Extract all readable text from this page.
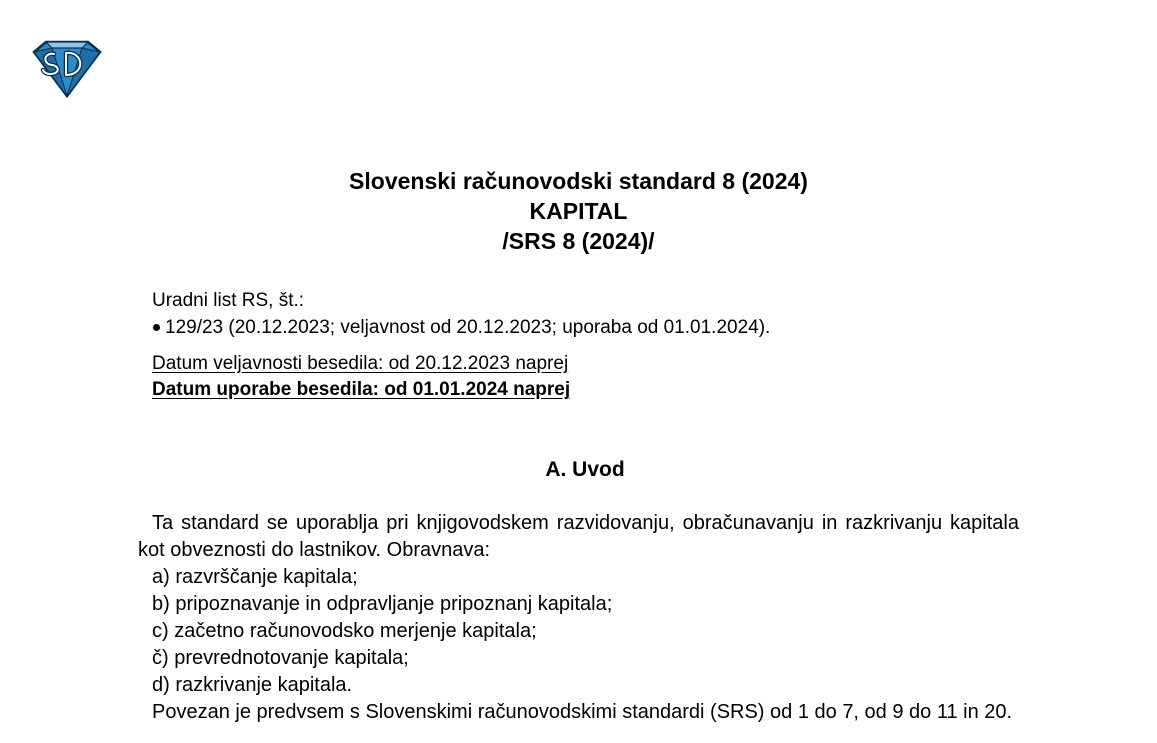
Slovenski računovodski standard 8 (2024)
KAPITAL
/SRS 8 (2024)/
Uradni list RS, št.:
129/23 (20.12.2023; veljavnost od 20.12.2023; uporaba od 01.01.2024).
Datum veljavnosti besedila: od 20.12.2023 naprej
Datum uporabe besedila: od 01.01.2024 naprej
A. Uvod

Ta standard se uporablja pri knjigovodskem razvidovanju, obračunavanju in razkrivanju kapitala kot obveznosti do lastnikov. Obravnava:

a) razvrščanje kapitala;
b) pripoznavanje in odpravljanje pripoznanj kapitala;
c) začetno računovodsko merjenje kapitala;
č) prevrednotovanje kapitala;
d) razkrivanje kapitala.

Povezan je predvsem s Slovenskimi računovodskimi standardi (SRS) od 1 do 7, od 9 do 11 in 20.
